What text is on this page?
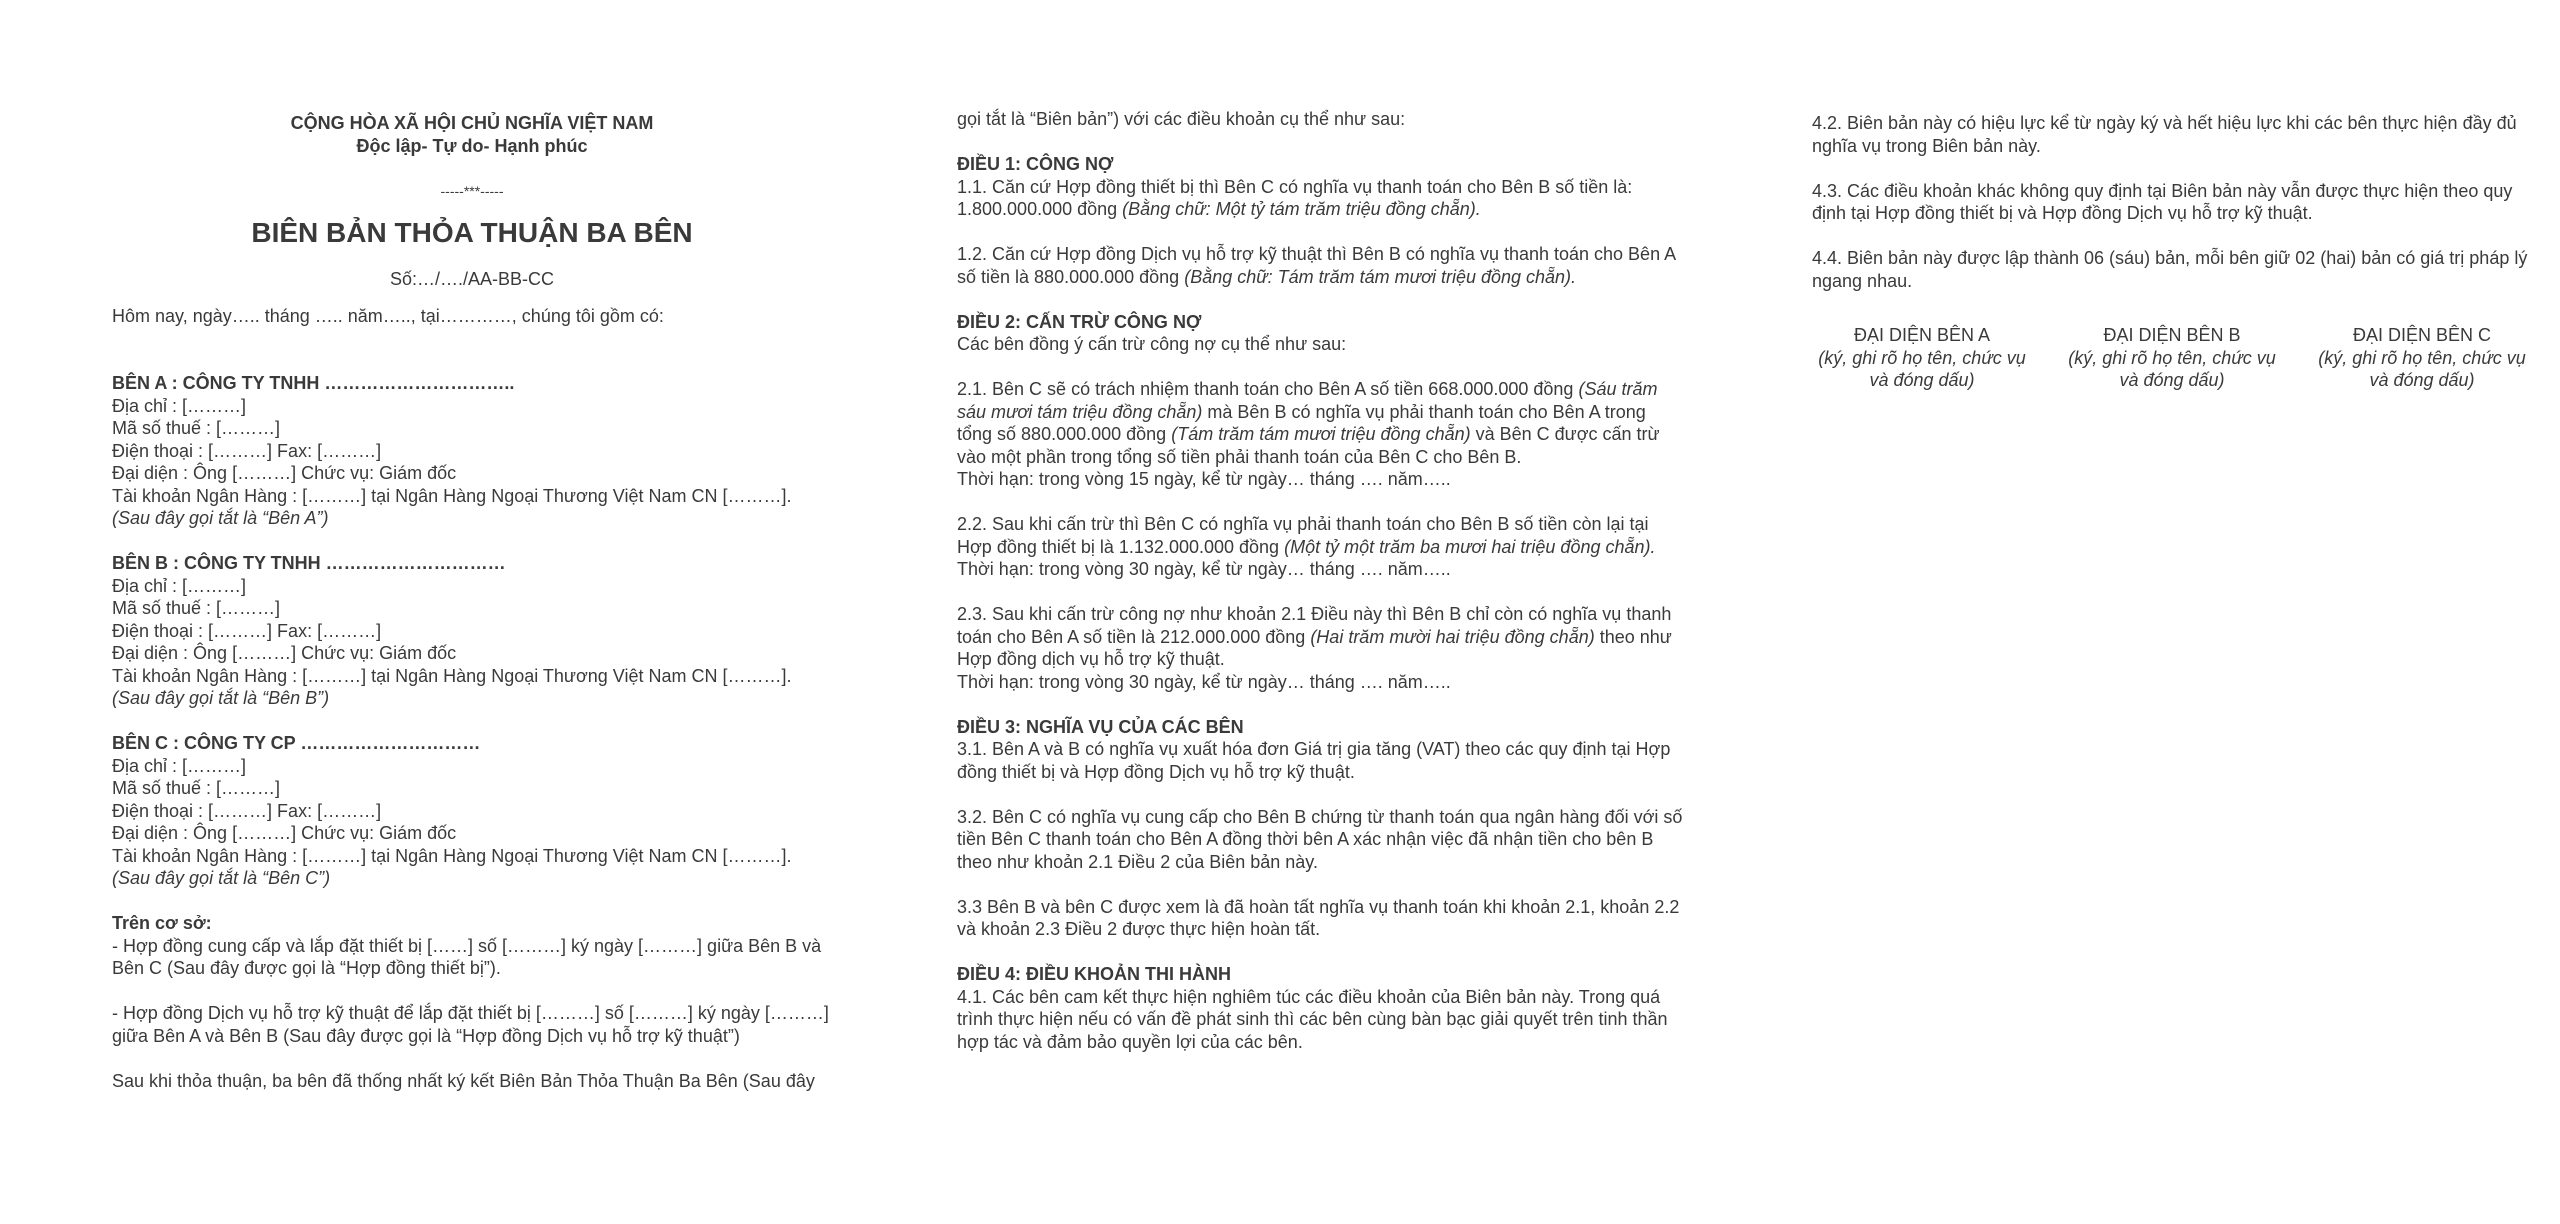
CỘNG HÒA XÃ HỘI CHỦ NGHĨA VIỆT NAM
Độc lập- Tự do- Hạnh phúc
-----***-----
BIÊN BẢN THỎA THUẬN BA BÊN
Số:…/…./AA-BB-CC
Hôm nay, ngày….. tháng ….. năm….., tại…………, chúng tôi gồm có:
BÊN A : CÔNG TY TNHH …………………………..
Địa chỉ : [………]
Mã số thuế : [………]
Điện thoại : [………] Fax: [………]
Đại diện : Ông [………] Chức vụ: Giám đốc
Tài khoản Ngân Hàng : [………] tại Ngân Hàng Ngoại Thương Việt Nam CN [………].
(Sau đây gọi tắt là “Bên A”)
BÊN B : CÔNG TY TNHH …………………………
Địa chỉ : [………]
Mã số thuế : [………]
Điện thoại : [………] Fax: [………]
Đại diện : Ông [………] Chức vụ: Giám đốc
Tài khoản Ngân Hàng : [………] tại Ngân Hàng Ngoại Thương Việt Nam CN [………].
(Sau đây gọi tắt là “Bên B”)
BÊN C : CÔNG TY CP …………………………
Địa chỉ : [………]
Mã số thuế : [………]
Điện thoại : [………] Fax: [………]
Đại diện : Ông [………] Chức vụ: Giám đốc
Tài khoản Ngân Hàng : [………] tại Ngân Hàng Ngoại Thương Việt Nam CN [………].
(Sau đây gọi tắt là “Bên C”)
Trên cơ sở:

- Hợp đồng cung cấp và lắp đặt thiết bị [……] số [………] ký ngày [………] giữa Bên B và Bên C (Sau đây được gọi là “Hợp đồng thiết bị”).

- Hợp đồng Dịch vụ hỗ trợ kỹ thuật để lắp đặt thiết bị [………] số [………] ký ngày [………] giữa Bên A và Bên B (Sau đây được gọi là “Hợp đồng Dịch vụ hỗ trợ kỹ thuật”)

Sau khi thỏa thuận, ba bên đã thống nhất ký kết Biên Bản Thỏa Thuận Ba Bên (Sau đây

gọi tắt là “Biên bản”) với các điều khoản cụ thể như sau:

ĐIỀU 1: CÔNG NỢ

1.1. Căn cứ Hợp đồng thiết bị thì Bên C có nghĩa vụ thanh toán cho Bên B số tiền là: 1.800.000.000 đồng (Bằng chữ: Một tỷ tám trăm triệu đồng chẵn).

1.2. Căn cứ Hợp đồng Dịch vụ hỗ trợ kỹ thuật thì Bên B có nghĩa vụ thanh toán cho Bên A số tiền là 880.000.000 đồng (Bằng chữ: Tám trăm tám mươi triệu đồng chẵn).

ĐIỀU 2: CẤN TRỪ CÔNG NỢ

Các bên đồng ý cấn trừ công nợ cụ thể như sau:

2.1. Bên C sẽ có trách nhiệm thanh toán cho Bên A số tiền 668.000.000 đồng (Sáu trăm sáu mươi tám triệu đồng chẵn) mà Bên B có nghĩa vụ phải thanh toán cho Bên A trong tổng số 880.000.000 đồng (Tám trăm tám mươi triệu đồng chẵn) và Bên C được cấn trừ vào một phần trong tổng số tiền phải thanh toán của Bên C cho Bên B.

Thời hạn: trong vòng 15 ngày, kể từ ngày… tháng …. năm…..

2.2. Sau khi cấn trừ thì Bên C có nghĩa vụ phải thanh toán cho Bên B số tiền còn lại tại Hợp đồng thiết bị là 1.132.000.000 đồng (Một tỷ một trăm ba mươi hai triệu đồng chẵn).

Thời hạn: trong vòng 30 ngày, kể từ ngày… tháng …. năm…..

2.3. Sau khi cấn trừ công nợ như khoản 2.1 Điều này thì Bên B chỉ còn có nghĩa vụ thanh toán cho Bên A số tiền là 212.000.000 đồng (Hai trăm mười hai triệu đồng chẵn) theo như Hợp đồng dịch vụ hỗ trợ kỹ thuật.

Thời hạn: trong vòng 30 ngày, kể từ ngày… tháng …. năm…..

ĐIỀU 3: NGHĨA VỤ CỦA CÁC BÊN

3.1. Bên A và B có nghĩa vụ xuất hóa đơn Giá trị gia tăng (VAT) theo các quy định tại Hợp đồng thiết bị và Hợp đồng Dịch vụ hỗ trợ kỹ thuật.

3.2. Bên C có nghĩa vụ cung cấp cho Bên B chứng từ thanh toán qua ngân hàng đối với số tiền Bên C thanh toán cho Bên A đồng thời bên A xác nhận việc đã nhận tiền cho bên B theo như khoản 2.1 Điều 2 của Biên bản này.

3.3 Bên B và bên C được xem là đã hoàn tất nghĩa vụ thanh toán khi khoản 2.1, khoản 2.2 và khoản 2.3 Điều 2 được thực hiện hoàn tất.

ĐIỀU 4: ĐIỀU KHOẢN THI HÀNH

4.1. Các bên cam kết thực hiện nghiêm túc các điều khoản của Biên bản này. Trong quá trình thực hiện nếu có vấn đề phát sinh thì các bên cùng bàn bạc giải quyết trên tinh thần hợp tác và đảm bảo quyền lợi của các bên.

4.2. Biên bản này có hiệu lực kể từ ngày ký và hết hiệu lực khi các bên thực hiện đầy đủ nghĩa vụ trong Biên bản này.

4.3. Các điều khoản khác không quy định tại Biên bản này vẫn được thực hiện theo quy định tại Hợp đồng thiết bị và Hợp đồng Dịch vụ hỗ trợ kỹ thuật.

4.4. Biên bản này được lập thành 06 (sáu) bản, mỗi bên giữ 02 (hai) bản có giá trị pháp lý ngang nhau.

ĐẠI DIỆN BÊN A
(ký, ghi rõ họ tên, chức vụ và đóng dấu)
ĐẠI DIỆN BÊN B
(ký, ghi rõ họ tên, chức vụ và đóng dấu)
ĐẠI DIỆN BÊN C
(ký, ghi rõ họ tên, chức vụ và đóng dấu)
